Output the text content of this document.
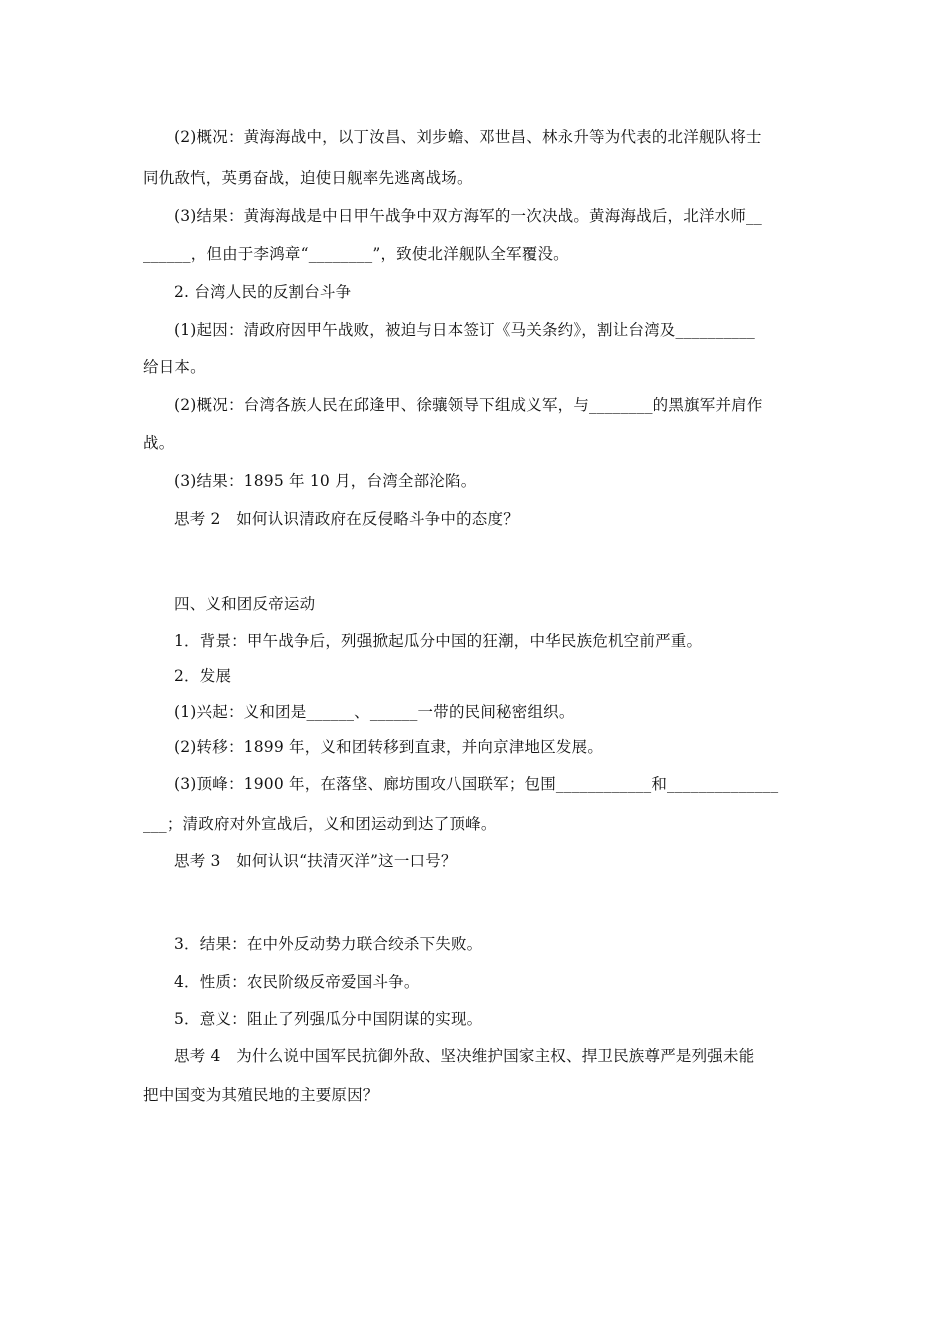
(2)概况：黄海海战中，以丁汝昌、刘步蟾、邓世昌、林永升等为代表的北洋舰队将士
同仇敌忾，英勇奋战，迫使日舰率先逃离战场。
(3)结果：黄海海战是中日甲午战争中双方海军的一次决战。黄海海战后，北洋水师__
______，但由于李鸿章“________”，致使北洋舰队全军覆没。
2. 台湾人民的反割台斗争
(1)起因：清政府因甲午战败，被迫与日本签订《马关条约》，割让台湾及__________
给日本。
(2)概况：台湾各族人民在邱逢甲、徐骧领导下组成义军，与________的黑旗军并肩作
战。
(3)结果：1895 年 10 月，台湾全部沦陷。
思考 2　如何认识清政府在反侵略斗争中的态度？
四、义和团反帝运动
1．背景：甲午战争后，列强掀起瓜分中国的狂潮，中华民族危机空前严重。
2．发展
(1)兴起：义和团是______、______一带的民间秘密组织。
(2)转移：1899 年，义和团转移到直隶，并向京津地区发展。
(3)顶峰：1900 年，在落垡、廊坊围攻八国联军；包围____________和______________
___；清政府对外宣战后，义和团运动到达了顶峰。
思考 3　如何认识“扶清灭洋”这一口号？
3．结果：在中外反动势力联合绞杀下失败。
4．性质：农民阶级反帝爱国斗争。
5．意义：阻止了列强瓜分中国阴谋的实现。
思考 4　为什么说中国军民抗御外敌、坚决维护国家主权、捍卫民族尊严是列强未能
把中国变为其殖民地的主要原因？
